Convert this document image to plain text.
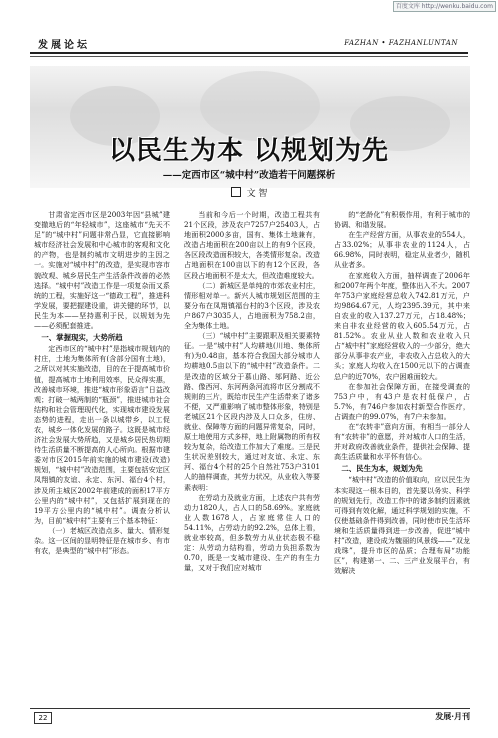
百度文库 http://wenku.baidu.com
发展论坛	FAZHAN • FAZHANLUNTAN
以民生为本 以规划为先
——定西市区“城中村”改造若干问题探析
文 智

甘肃省定西市区是2003年因“县城”建变撤地后的“年轻城市”，这座城市“先天不足”的“城中村”问题非常凸显，它直接影响城市经济社会发展和中心城市的客观和文化的产物，也是制约城市文明进步的主因之一。实施对“城中村”的改造，是实现市容市貌改观、城乡居民生产生活条件改善的必然选择。“城中村”改造工作是一项复杂而又系统的工程，实施好这一“德政工程”，推进科学发展，要把握建设重，讲关键的环节，以民生为本——坚持惠利于民，以规划为先——必须配套推进。

一、掌握现实，大势所趋

定西市区的“城中村”是指城市规划内的村庄，土地为集体所有(含部分国有土地)，之所以对其实施改造，目的在于提高城市价值，提高城市土地利用效率，民众得实惠，改善城市环境，推进“城市形象语言”日益改观；打破一城两制的“瓶颈”，推进城市社会结构和社会管理现代化，实现城市建设发展态势的进程，走出一条以城带乡，以工促农，城乡一体化发展的路子。这既是城市经济社会发展大势所趋，又是城乡居民热切期待生活质量不断提高的人心所向。根据市建委对市区2015年前实施的城市建设(改造)规划，“城中村”改造范围，主要包括安定区凤翔镇的友谊、永定、东河、福台4个村，涉及所主城区2002年前建成的面积17平方公里内的“城中村”，又包括扩展到现在的19平方公里内的“城中村”。调查分析认为，目前“城中村”主要有三个基本特征：

（一）老城区改造点多、量大、情形复杂。这一区间的显明特征是在城市乡、有市有农，是典型的“城中村”形态。

当前和今后一个时期，改造工程共有21个区段，涉及农户7257户25403人，占地面积2000多亩，国有、集体土地兼有，改造占地面积在200亩以上的有9个区段，各区段改造面积较大，各类情形复杂。改造占地面积在100亩以下的有12个区段，各区段占地面积不是太大，但改造难度较大。

（二）新城区是单纯的市郊农业村庄，情形相对单一。新兴人城市规划区范围的主要分布在凤翔镇福台村的3个区段，涉及农户867户3035人，占地面积为758.2亩，全为集体土地。

（三）“城中村”主要跟职及相关要素特征。一是“城中村”人均耕地(川地、集体所有)为0.48亩，基本符合我国大部分城市人均耕地0.5亩以下的“城中村”改造条件。二是改造的区域分于慕山路、邬阿路、近公路、像西河、东河两条河流将市区分割成不规则的三片，既给市民生产生活带来了诸多不便，又严重影响了城市整体形象，特别是老城区21个区段内涉及人口众多，住房、就业、保障等方面的问题异常复杂，同时，原土地使用方式多样，地上附属物的所有权较为复杂，给改造工作加大了难度。三是民生状况差别较大，通过对友谊、永定、东河、福台4个村的25个自然社753户3101人的抽样调查，其劳力状况，从业收入等要素表明：

在劳动力及就业方面，上述农户共有劳动力1820人，占人口的58.69%。家庭就业人数1678人，占家庭常住人口的54.11%，占劳动力的92.2%，总体上看，就业率较高，但多数劳力从业状态极不稳定：从劳动力结构看，劳动力负担系数为0.70，既是一支城市建设、生产的有生力量，又对于我们应对城市

的“老龄化”有积极作用，有利于城市的协调、和谐发展。

在生产经营方面，从事农业的554人，占33.02%；从事非农业的1124人，占66.98%，同时表明，稳定从业者少，随机从业者多。

在家庭收入方面，抽样调查了2006年和2007年两个年度，整体出入不大。2007年753户家庭经营总收入742.81万元，户均9864.67元，人均2395.39元，其中来自农业的收入137.27万元，占18.48%；来自非农业经营的收入605.54万元，占81.52%。农业从业人数和农业收入只占“城中村”家庭经营收入的一少部分，绝大部分从事非农产业，非农收入占总收入的大头；家庭人均收入在1500元以下的占调查总户的近70%，农户困难面较大。

在参加社会保障方面，在接受调查的753户中，有43户是农村低保户，占5.7%，有746户参加农村新型合作医疗，占调查户的99.07%，有7户未参加。

在“农转非”意向方面，有相当一部分人有“农转非”的意愿，并对城市人口的生活，并对政府改善就业条件，提供社会保障、提高生活质量和水平怀有信心。

二、民生为本，规划为先

“城中村”改造的价值取向，应以民生为本实现这一根本目的，首先要以务实、科学的规划先行，改造工作中的诸多制约因素就可得到有效化解，通过科学规划的实施，不仅使基础条件得到改善，同时使市民生活环境和生活质量得到进一步改善，促进“城中村”改造，建设成为魏丽的风景线——“双龙戏珠”，提升市区的品质；合理布局“功能区”，构建第一、二、三产业发展平台，有效解决

22	发展·月刊
